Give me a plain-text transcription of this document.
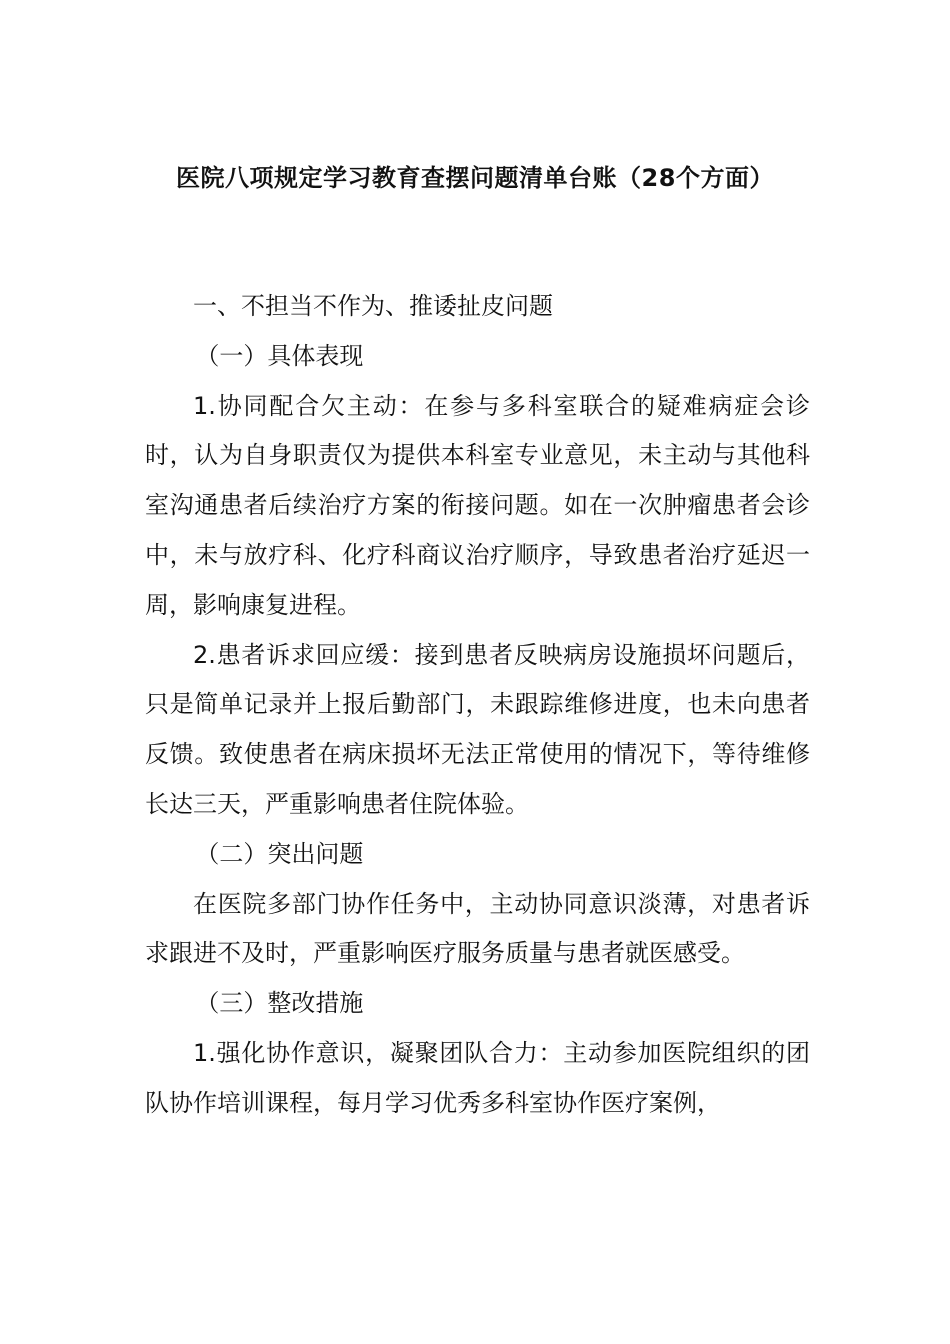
医院八项规定学习教育查摆问题清单台账（28个方面）

一、不担当不作为、推诿扯皮问题

（一）具体表现

1.协同配合欠主动：在参与多科室联合的疑难病症会诊时，认为自身职责仅为提供本科室专业意见，未主动与其他科室沟通患者后续治疗方案的衔接问题。如在一次肿瘤患者会诊中，未与放疗科、化疗科商议治疗顺序，导致患者治疗延迟一周，影响康复进程。

2.患者诉求回应缓：接到患者反映病房设施损坏问题后，只是简单记录并上报后勤部门，未跟踪维修进度，也未向患者反馈。致使患者在病床损坏无法正常使用的情况下，等待维修长达三天，严重影响患者住院体验。

（二）突出问题

在医院多部门协作任务中，主动协同意识淡薄，对患者诉求跟进不及时，严重影响医疗服务质量与患者就医感受。

（三）整改措施

1.强化协作意识，凝聚团队合力：主动参加医院组织的团队协作培训课程，每月学习优秀多科室协作医疗案例，
